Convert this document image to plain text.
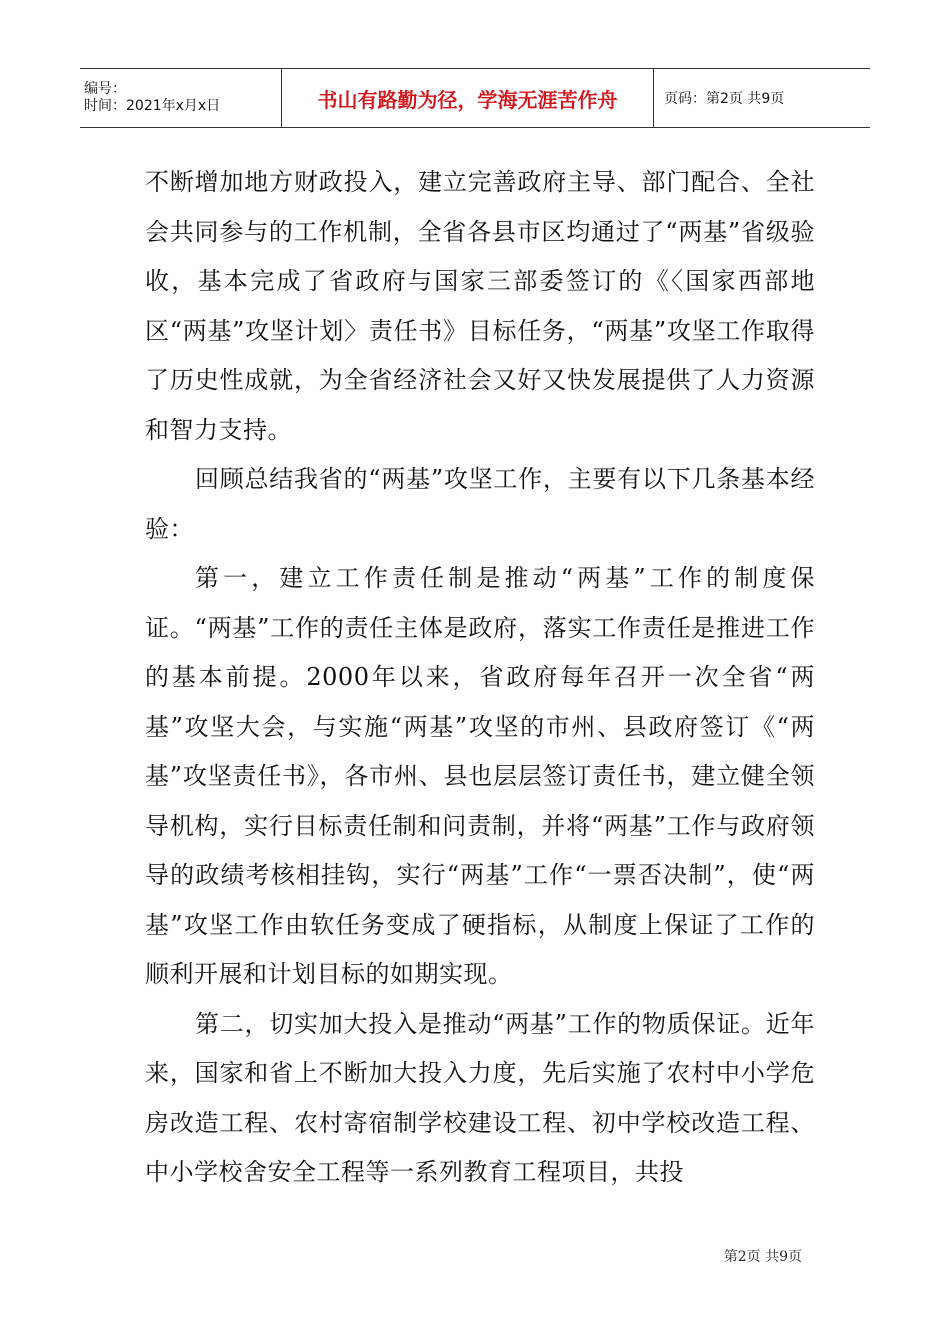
编号：
时间：2021年x月x日	书山有路勤为径，学海无涯苦作舟	页码：第2页 共9页

不断增加地方财政投入，建立完善政府主导、部门配合、全社会共同参与的工作机制，全省各县市区均通过了“两基”省级验收，基本完成了省政府与国家三部委签订的《〈国家西部地区“两基”攻坚计划〉责任书》目标任务，“两基”攻坚工作取得了历史性成就，为全省经济社会又好又快发展提供了人力资源和智力支持。

回顾总结我省的“两基”攻坚工作，主要有以下几条基本经验：

第一，建立工作责任制是推动“两基”工作的制度保证。“两基”工作的责任主体是政府，落实工作责任是推进工作的基本前提。2000年以来，省政府每年召开一次全省“两基”攻坚大会，与实施“两基”攻坚的市州、县政府签订《“两基”攻坚责任书》，各市州、县也层层签订责任书，建立健全领导机构，实行目标责任制和问责制，并将“两基”工作与政府领导的政绩考核相挂钩，实行“两基”工作“一票否决制”，使“两基”攻坚工作由软任务变成了硬指标，从制度上保证了工作的顺利开展和计划目标的如期实现。

第二，切实加大投入是推动“两基”工作的物质保证。近年来，国家和省上不断加大投入力度，先后实施了农村中小学危房改造工程、农村寄宿制学校建设工程、初中学校改造工程、中小学校舍安全工程等一系列教育工程项目，共投

第2页 共9页
